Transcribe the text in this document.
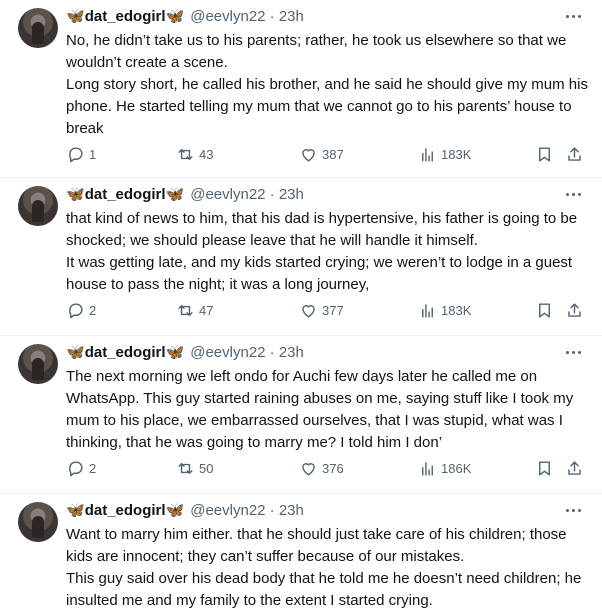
🦋 dat_edogirl 🦋 @eevlyn22 · 23h

No, he didn’t take us to his parents; rather, he took us elsewhere so that we wouldn’t create a scene.

Long story short, he called his brother, and he said he should give my mum his phone. He started telling my mum that we cannot go to his parents’ house to break

1	43	387	183K
🦋 dat_edogirl 🦋 @eevlyn22 · 23h

that kind of news to him, that his dad is hypertensive, his father is going to be shocked; we should please leave that he will handle it himself.

It was getting late, and my kids started crying; we weren’t to lodge in a guest house to pass the night; it was a long journey,

2	47	377	183K
🦋 dat_edogirl 🦋 @eevlyn22 · 23h

The next morning we left ondo for Auchi few days later he called me on WhatsApp. This guy started raining abuses on me, saying stuff like I took my mum to his place, we embarrassed ourselves, that I was stupid, what was I thinking, that he was going to marry me? I told him I don’

2	50	376	186K
🦋 dat_edogirl 🦋 @eevlyn22 · 23h

Want to marry him either. that he should just take care of his children; those kids are innocent; they can’t suffer because of our mistakes.

This guy said over his dead body that he told me he doesn’t need children; he insulted me and my family to the extent I started crying.
